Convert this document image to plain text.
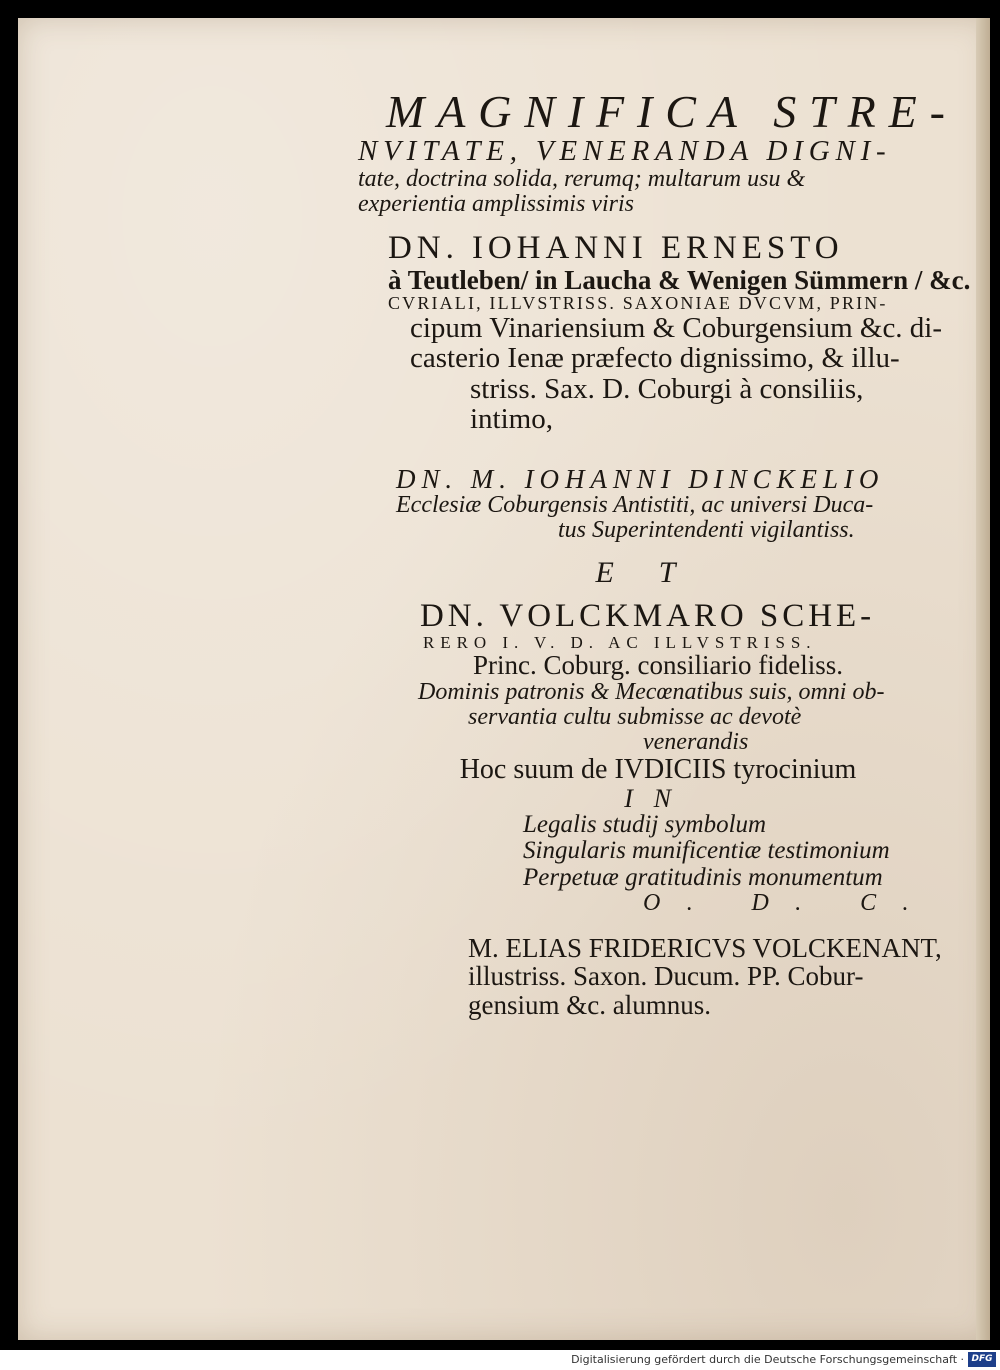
MAGNIFICA STRE-
NVITATE, VENERANDA DIGNI-
tate, doctrina solida, rerumq; multarum usu &
experientia amplissimis viris
DN. IOHANNI ERNESTO
à Teutleben/ in Laucha & Wenigen Sümmern / &c.
CVRIALI, ILLVSTRISS. SAXONIAE DVCVM, PRIN-
cipum Vinariensium & Coburgensium &c. di-
casterio Ienæ præfecto dignissimo, & illu-
striss. Sax. D. Coburgi à consiliis,
intimo,
DN. M. IOHANNI DINCKELIO
Ecclesiæ Coburgensis Antistiti, ac universi Duca-
tus Superintendenti vigilantiss.
ET
DN. VOLCKMARO SCHE-
RERO I. V. D. AC ILLVSTRISS.
Princ. Coburg. consiliario fideliss.
Dominis patronis & Mecœnatibus suis, omni ob-
servantia cultu submisse ac devotè
venerandis
Hoc suum de IVDICIIS tyrocinium
IN
Legalis studij symbolum
Singularis munificentiæ testimonium
Perpetuæ gratitudinis monumentum
O. D. C.
M. ELIAS FRIDERICVS VOLCKENANT,
illustriss. Saxon. Ducum. PP. Cobur-
gensium &c. alumnus.
Digitalisierung gefördert durch die Deutsche Forschungsgemeinschaft · DFG
